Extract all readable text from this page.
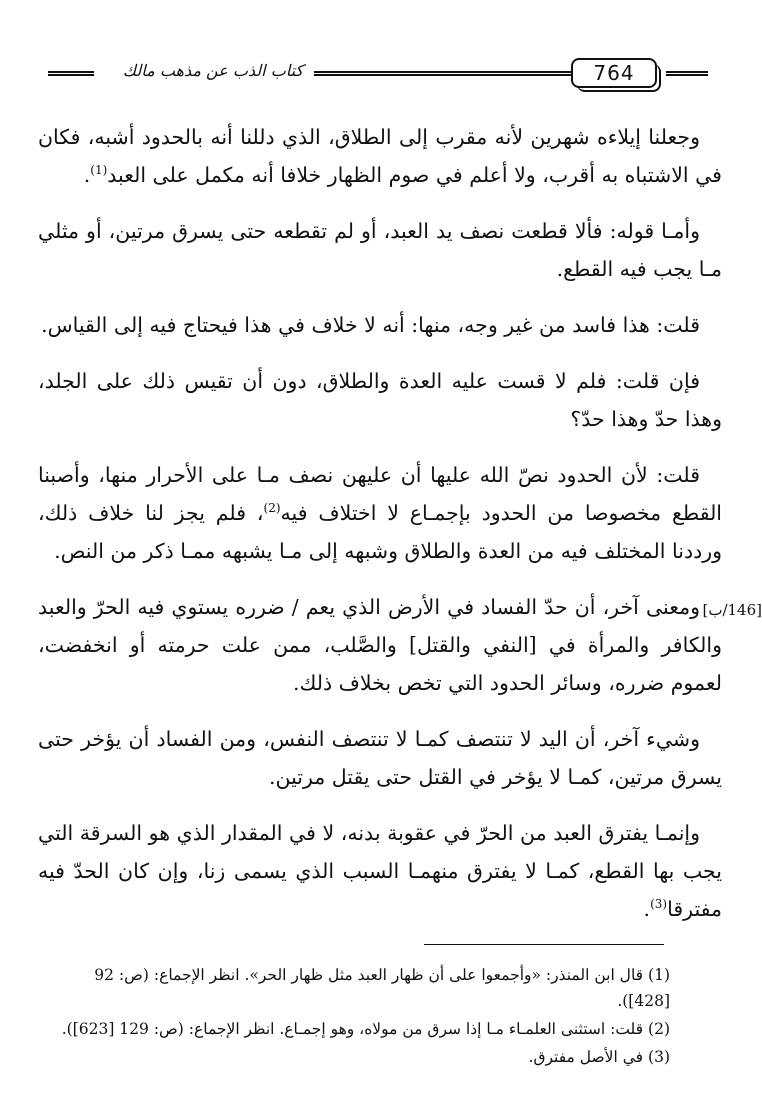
كتاب الذب عن مذهب مالك	764
[146/ب]

وجعلنا إيلاءه شهرين لأنه مقرب إلى الطلاق، الذي دللنا أنه بالحدود أشبه، فكان في الاشتباه به أقرب، ولا أعلم في صوم الظهار خلافا أنه مكمل على العبد$^{(1)}$.

وأمـا قوله: فألا قطعت نصف يد العبد، أو لم تقطعه حتى يسرق مرتين، أو مثلي مـا يجب فيه القطع.

قلت: هذا فاسد من غير وجه، منها: أنه لا خلاف في هذا فيحتاج فيه إلى القياس.

فإن قلت: فلم لا قست عليه العدة والطلاق، دون أن تقيس ذلك على الجلد، وهذا حدّ وهذا حدّ؟

قلت: لأن الحدود نصّ الله عليها أن عليهن نصف مـا على الأحرار منها، وأصبنا القطع مخصوصا من الحدود بإجمـاع لا اختلاف فيه$^{(2)}$، فلم يجز لنا خلاف ذلك، ورددنا المختلف فيه من العدة والطلاق وشبهه إلى مـا يشبهه ممـا ذكر من النص.

ومعنى آخر، أن حدّ الفساد في الأرض الذي يعم / ضرره يستوي فيه الحرّ والعبد والكافر والمرأة في [النفي والقتل] والصَّلب، ممن علت حرمته أو انخفضت، لعموم ضرره، وسائر الحدود التي تخص بخلاف ذلك.

وشيء آخر، أن اليد لا تنتصف كمـا لا تنتصف النفس، ومن الفساد أن يؤخر حتى يسرق مرتين، كمـا لا يؤخر في القتل حتى يقتل مرتين.

وإنمـا يفترق العبد من الحرّ في عقوبة بدنه، لا في المقدار الذي هو السرقة التي يجب بها القطع، كمـا لا يفترق منهمـا السبب الذي يسمى زنا، وإن كان الحدّ فيه مفترقا$^{(3)}$.

(1) قال ابن المنذر: «وأجمعوا على أن ظهار العبد مثل ظهار الحر». انظر الإجماع: (ص: 92 [428]).

(2) قلت: استثنى العلمـاء مـا إذا سرق من مولاه، وهو إجمـاع. انظر الإجماع: (ص: 129 [623]).

(3) في الأصل مفترق.
